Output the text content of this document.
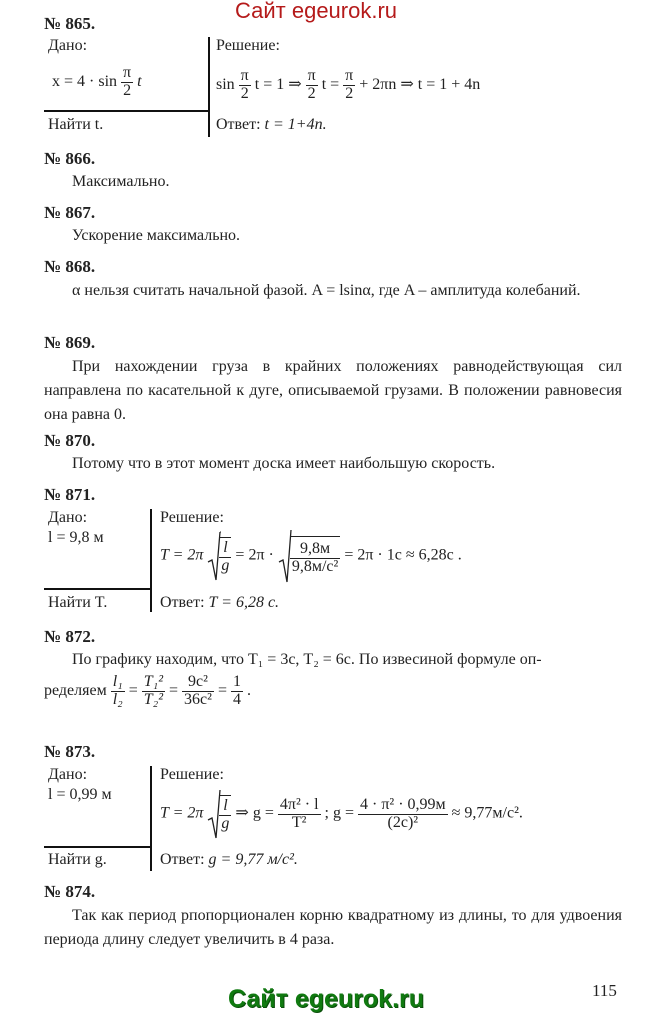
Сайт egeurok.ru
№ 865.
Дано:
$x = 4 \cdot \sin \frac{\pi}{2}$ t
Найти t.
Решение:
$\sin \frac{\pi}{2}$ t = 1 ⇒ $\frac{\pi}{2}$ $t = \frac{\pi}{2} + 2\pi n$ ⇒ t = 1 + 4n
Ответ: t = 1+4n.
№ 866.
Максимально.
№ 867.
Ускорение максимально.
№ 868.
α нельзя считать начальной фазой. A = lsinα, где A – амплитуда колебаний.
№ 869.
При нахождении груза в крайних положениях равнодействующая сил направлена по касательной к дуге, описываемой грузами. В положении равновесия она равна 0.
№ 870.
Потому что в этот момент доска имеет наибольшую скорость.
№ 871.
Дано:
l = 9,8 м
Найти T.
Решение:
$T = 2\pi \frac{l}{g} = 2\pi$ ·	9,8м
9,8м/с²
= 2π · 1с ≈ 6,28с .
Ответ: T = 6,28 с.
№ 872.
По графику находим, что T₁ = 3с, T₂ = 6с. По извесиной формуле оп-
ределяем $\frac{\text{l₁}}{\text{l₂}} = \frac{\text{T₁²}}{\text{T₂²}}$ =
9с²
36с²
= $\frac{1}{4}$ .
№ 873.
Дано:
l = 0,99 м
Найти g.
Решение:
$T = 2\pi \frac{l}{g}$ ⇒ $g = \frac{\text{4π² · l}}{\text{T²}}$ ; g =
4 · π² · 0,99м
(2с)²
≈ 9,77м/с².
Ответ: g = 9,77 м/с².
№ 874.
Так как период рпопорционален корню квадратному из длины, то для удвоения периода длину следует увеличить в 4 раза.
115
Сайт egeurok.ru
